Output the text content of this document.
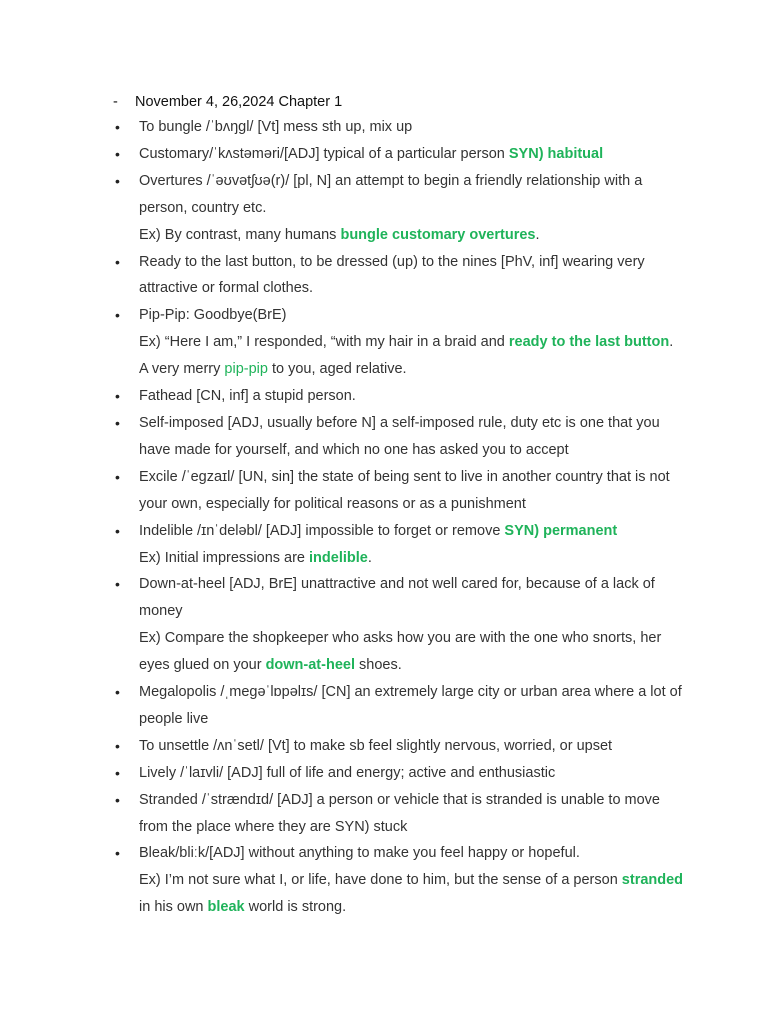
- November 4, 26,2024 Chapter 1
• To bungle /ˈbʌŋɡl/ [Vt] mess sth up, mix up
• Customary/ˈkʌstəməri/[ADJ] typical of a particular person SYN) habitual
• Overtures /ˈəʊvətʃʊə(r)/ [pl, N] an attempt to begin a friendly relationship with a person, country etc.
Ex) By contrast, many humans bungle customary overtures.
• Ready to the last button, to be dressed (up) to the nines [PhV, inf] wearing very attractive or formal clothes.
• Pip-Pip: Goodbye(BrE)
Ex) “Here I am,” I responded, “with my hair in a braid and ready to the last button. A very merry pip-pip to you, aged relative.
• Fathead [CN, inf] a stupid person.
• Self-imposed [ADJ, usually before N] a self-imposed rule, duty etc is one that you have made for yourself, and which no one has asked you to accept
• Excile /ˈeɡzaɪl/ [UN, sin] the state of being sent to live in another country that is not your own, especially for political reasons or as a punishment
• Indelible /ɪnˈdeləbl/ [ADJ] impossible to forget or remove SYN) permanent
Ex) Initial impressions are indelible.
• Down-at-heel [ADJ, BrE] unattractive and not well cared for, because of a lack of money
Ex) Compare the shopkeeper who asks how you are with the one who snorts, her eyes glued on your down-at-heel shoes.
• Megalopolis /ˌmeɡəˈlɒpəlɪs/ [CN] an extremely large city or urban area where a lot of people live
• To unsettle /ʌnˈsetl/ [Vt] to make sb feel slightly nervous, worried, or upset
• Lively /ˈlaɪvli/ [ADJ] full of life and energy; active and enthusiastic
• Stranded /ˈstrændɪd/ [ADJ] a person or vehicle that is stranded is unable to move from the place where they are SYN) stuck
• Bleak/bliːk/[ADJ] without anything to make you feel happy or hopeful.
Ex) I’m not sure what I, or life, have done to him, but the sense of a person stranded in his own bleak world is strong.
